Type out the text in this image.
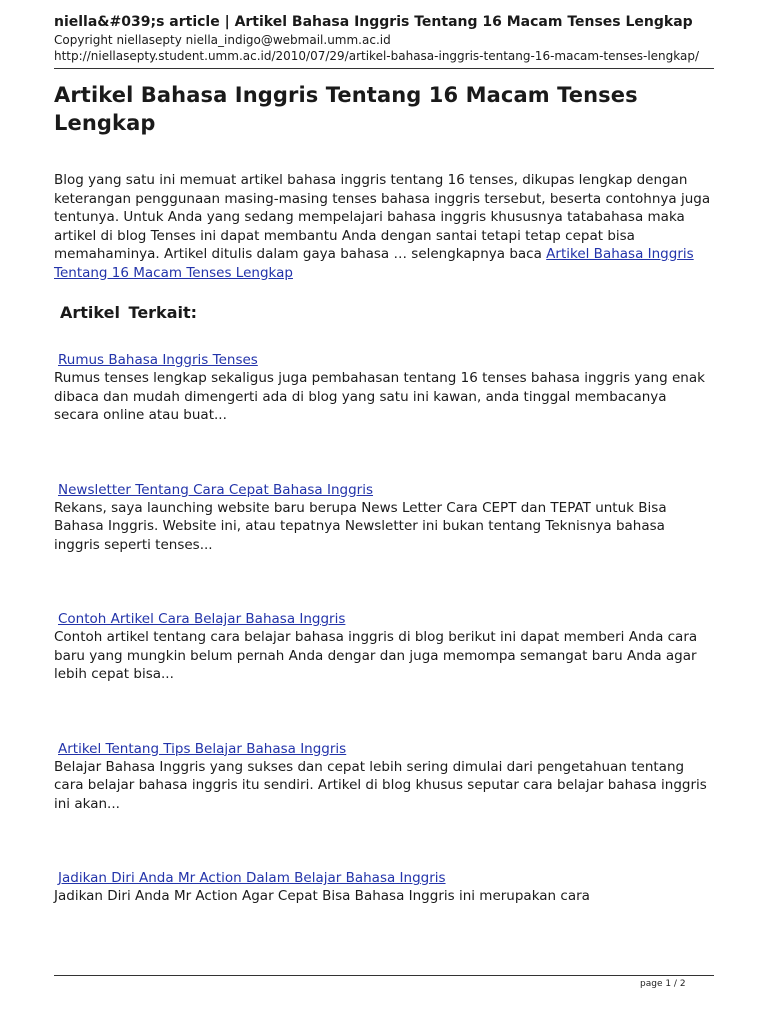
niella&#039;s article | Artikel Bahasa Inggris Tentang 16 Macam Tenses Lengkap

Copyright niellasepty niella_indigo@webmail.umm.ac.id

http://niellasepty.student.umm.ac.id/2010/07/29/artikel-bahasa-inggris-tentang-16-macam-tenses-lengkap/

Artikel Bahasa Inggris Tentang 16 Macam Tenses Lengkap

Blog yang satu ini memuat artikel bahasa inggris tentang 16 tenses, dikupas lengkap dengan keterangan penggunaan masing-masing tenses bahasa inggris tersebut, beserta contohnya juga tentunya. Untuk Anda yang sedang mempelajari bahasa inggris khususnya tatabahasa maka artikel di blog Tenses ini dapat membantu Anda dengan santai tetapi tetap cepat bisa memahaminya. Artikel ditulis dalam gaya bahasa … selengkapnya baca Artikel Bahasa Inggris Tentang 16 Macam Tenses Lengkap

Artikel Terkait:
Rumus Bahasa Inggris Tenses

Rumus tenses lengkap sekaligus juga pembahasan tentang 16 tenses bahasa inggris yang enak dibaca dan mudah dimengerti ada di blog yang satu ini kawan, anda tinggal membacanya secara online atau buat...

Newsletter Tentang Cara Cepat Bahasa Inggris

Rekans, saya launching website baru berupa News Letter Cara CEPT dan TEPAT untuk Bisa Bahasa Inggris. Website ini, atau tepatnya Newsletter ini bukan tentang Teknisnya bahasa inggris seperti tenses...

Contoh Artikel Cara Belajar Bahasa Inggris

Contoh artikel tentang cara belajar bahasa inggris di blog berikut ini dapat memberi Anda cara baru yang mungkin belum pernah Anda dengar dan juga memompa semangat baru Anda agar lebih cepat bisa...

Artikel Tentang Tips Belajar Bahasa Inggris

Belajar Bahasa Inggris yang sukses dan cepat lebih sering dimulai dari pengetahuan tentang cara belajar bahasa inggris itu sendiri. Artikel di blog khusus seputar cara belajar bahasa inggris ini akan...

Jadikan Diri Anda Mr Action Dalam Belajar Bahasa Inggris

Jadikan Diri Anda Mr Action Agar Cepat Bisa Bahasa Inggris ini merupakan cara

page 1 / 2
